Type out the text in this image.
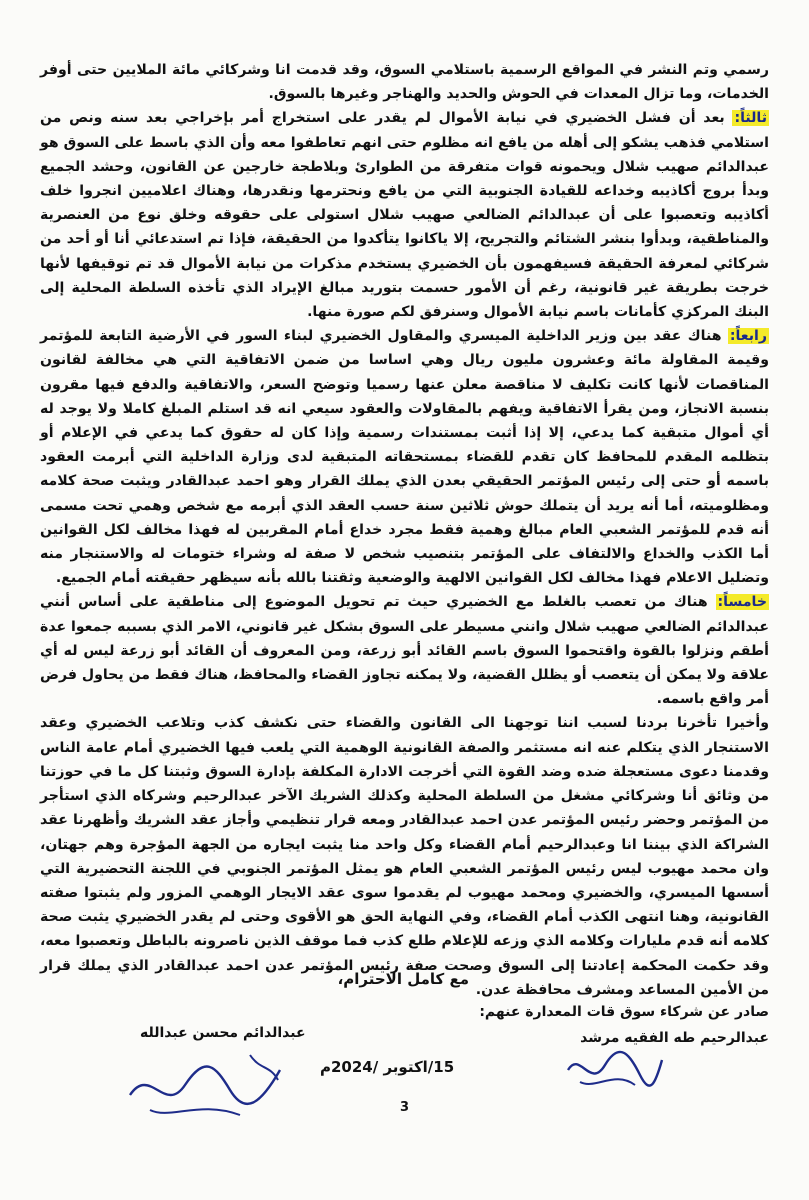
رسمي وتم النشر في المواقع الرسمية باستلامي السوق، وقد قدمت انا وشركائي مائة الملايين حتى أوفر الخدمات، وما تزال المعدات في الحوش والحديد والهناجر وغيرها بالسوق.

ثالثاً: بعد أن فشل الخضيري في نيابة الأموال لم يقدر على استخراج أمر بإخراجي بعد سنه ونص من استلامي فذهب يشكو إلى أهله من يافع انه مظلوم حتى انهم تعاطفوا معه وأن الذي باسط على السوق هو عبدالدائم صهيب شلال ويحمونه قوات متفرقة من الطوارئ وبلاطجة خارجين عن القانون، وحشد الجميع وبدأ بروج أكاذيبه وخداعه للقيادة الجنوبية التي من يافع ونحترمها ونقدرها، وهناك اعلاميين انجروا خلف أكاذيبه وتعصبوا على أن عبدالدائم الضالعي صهيب شلال استولى على حقوقه وخلق نوع من العنصرية والمناطقية، وبدأوا بنشر الشتائم والتجريح، إلا ياكانوا يتأكدوا من الحقيقة، فإذا تم استدعائي أنا أو أحد من شركائي لمعرفة الحقيقة فسيفهمون بأن الخضيري يستخدم مذكرات من نيابة الأموال قد تم توقيفها لأنها خرجت بطريقة غير قانونية، رغم أن الأمور حسمت بتوريد مبالغ الإيراد الذي تأخذه السلطة المحلية إلى البنك المركزي كأمانات باسم نيابة الأموال وسنرفق لكم صورة منها.

رابعاً: هناك عقد بين وزير الداخلية الميسري والمقاول الخضيري لبناء السور في الأرضية التابعة للمؤتمر وقيمة المقاولة مائة وعشرون مليون ريال وهي اساسا من ضمن الاتفاقية التي هي مخالفة لقانون المناقصات لأنها كانت تكليف لا مناقصة معلن عنها رسميا وتوضح السعر، والاتفاقية والدفع فيها مقرون بنسبة الانجاز، ومن يقرأ الاتفاقية ويفهم بالمقاولات والعقود سيعي انه قد استلم المبلغ كاملا ولا يوجد له أي أموال متبقية كما يدعي، إلا إذا أثبت بمستندات رسمية وإذا كان له حقوق كما يدعي في الإعلام أو بتظلمه المقدم للمحافظ كان تقدم للقضاء بمستحقاته المتبقية لدى وزارة الداخلية التي أبرمت العقود باسمه أو حتى إلى رئيس المؤتمر الحقيقي بعدن الذي يملك القرار وهو احمد عبدالقادر ويثبت صحة كلامه ومظلوميته، أما أنه يريد أن يتملك حوش ثلاثين سنة حسب العقد الذي أبرمه مع شخص وهمي تحت مسمى أنه قدم للمؤتمر الشعبي العام مبالغ وهمية فقط مجرد خداع أمام المقربين له فهذا مخالف لكل القوانين أما الكذب والخداع والالتفاف على المؤتمر بتنصيب شخص لا صفة له وشراء ختومات له والاستنجار منه وتضليل الاعلام فهذا مخالف لكل القوانين الالهية والوضعية وثقتنا بالله بأنه سيظهر حقيقته أمام الجميع.

خامساً: هناك من تعصب بالغلط مع الخضيري حيث تم تحويل الموضوع إلى مناطقية على أساس أنني عبدالدائم الضالعي صهيب شلال وانني مسيطر على السوق بشكل غير قانوني، الامر الذي بسببه جمعوا عدة أطقم ونزلوا بالقوة واقتحموا السوق باسم القائد أبو زرعة، ومن المعروف أن القائد أبو زرعة ليس له أي علاقة ولا يمكن أن يتعصب أو يظلل القضية، ولا يمكنه تجاوز القضاء والمحافظ، هناك فقط من يحاول فرض أمر واقع باسمه.

وأخيرا تأخرنا بردنا لسبب اننا توجهنا الى القانون والقضاء حتى نكشف كذب وتلاعب الخضيري وعقد الاستنجار الذي يتكلم عنه انه مستثمر والصفة القانونية الوهمية التي يلعب فيها الخضيري أمام عامة الناس وقدمنا دعوى مستعجلة ضده وضد القوة التي أخرجت الادارة المكلفة بإدارة السوق وثبتنا كل ما في حوزتنا من وثائق أنا وشركائي مشغل من السلطة المحلية وكذلك الشريك الآخر عبدالرحيم وشركاه الذي استأجر من المؤتمر وحضر رئيس المؤتمر عدن احمد عبدالقادر ومعه قرار تنظيمي وأجاز عقد الشريك وأظهرنا عقد الشراكة الذي بيننا انا وعبدالرحيم أمام القضاء وكل واحد منا يثبت ايجاره من الجهة المؤجرة وهم جهتان، وان محمد مهيوب ليس رئيس المؤتمر الشعبي العام هو يمثل المؤتمر الجنوبي في اللجنة التحضيرية التي أسسها الميسري، والخضيري ومحمد مهيوب لم يقدموا سوى عقد الايجار الوهمي المزور ولم يثبتوا صفته القانونية، وهنا انتهى الكذب أمام القضاء، وفي النهاية الحق هو الأقوى وحتى لم يقدر الخضيري يثبت صحة كلامه أنه قدم مليارات وكلامه الذي وزعه للإعلام طلع كذب فما موقف الذين ناصرونه بالباطل وتعصبوا معه، وقد حكمت المحكمة إعادتنا إلى السوق وصحت صفة رئيس المؤتمر عدن احمد عبدالقادر الذي يملك قرار من الأمين المساعد ومشرف محافظة عدن.

مع كامل الاحترام،
صادر عن شركاء سوق قات المعدارة عنهم:
عبدالرحيم طه الفقيه مرشد
عبدالدائم محسن عبدالله
15/اكتوبر /2024م
3
